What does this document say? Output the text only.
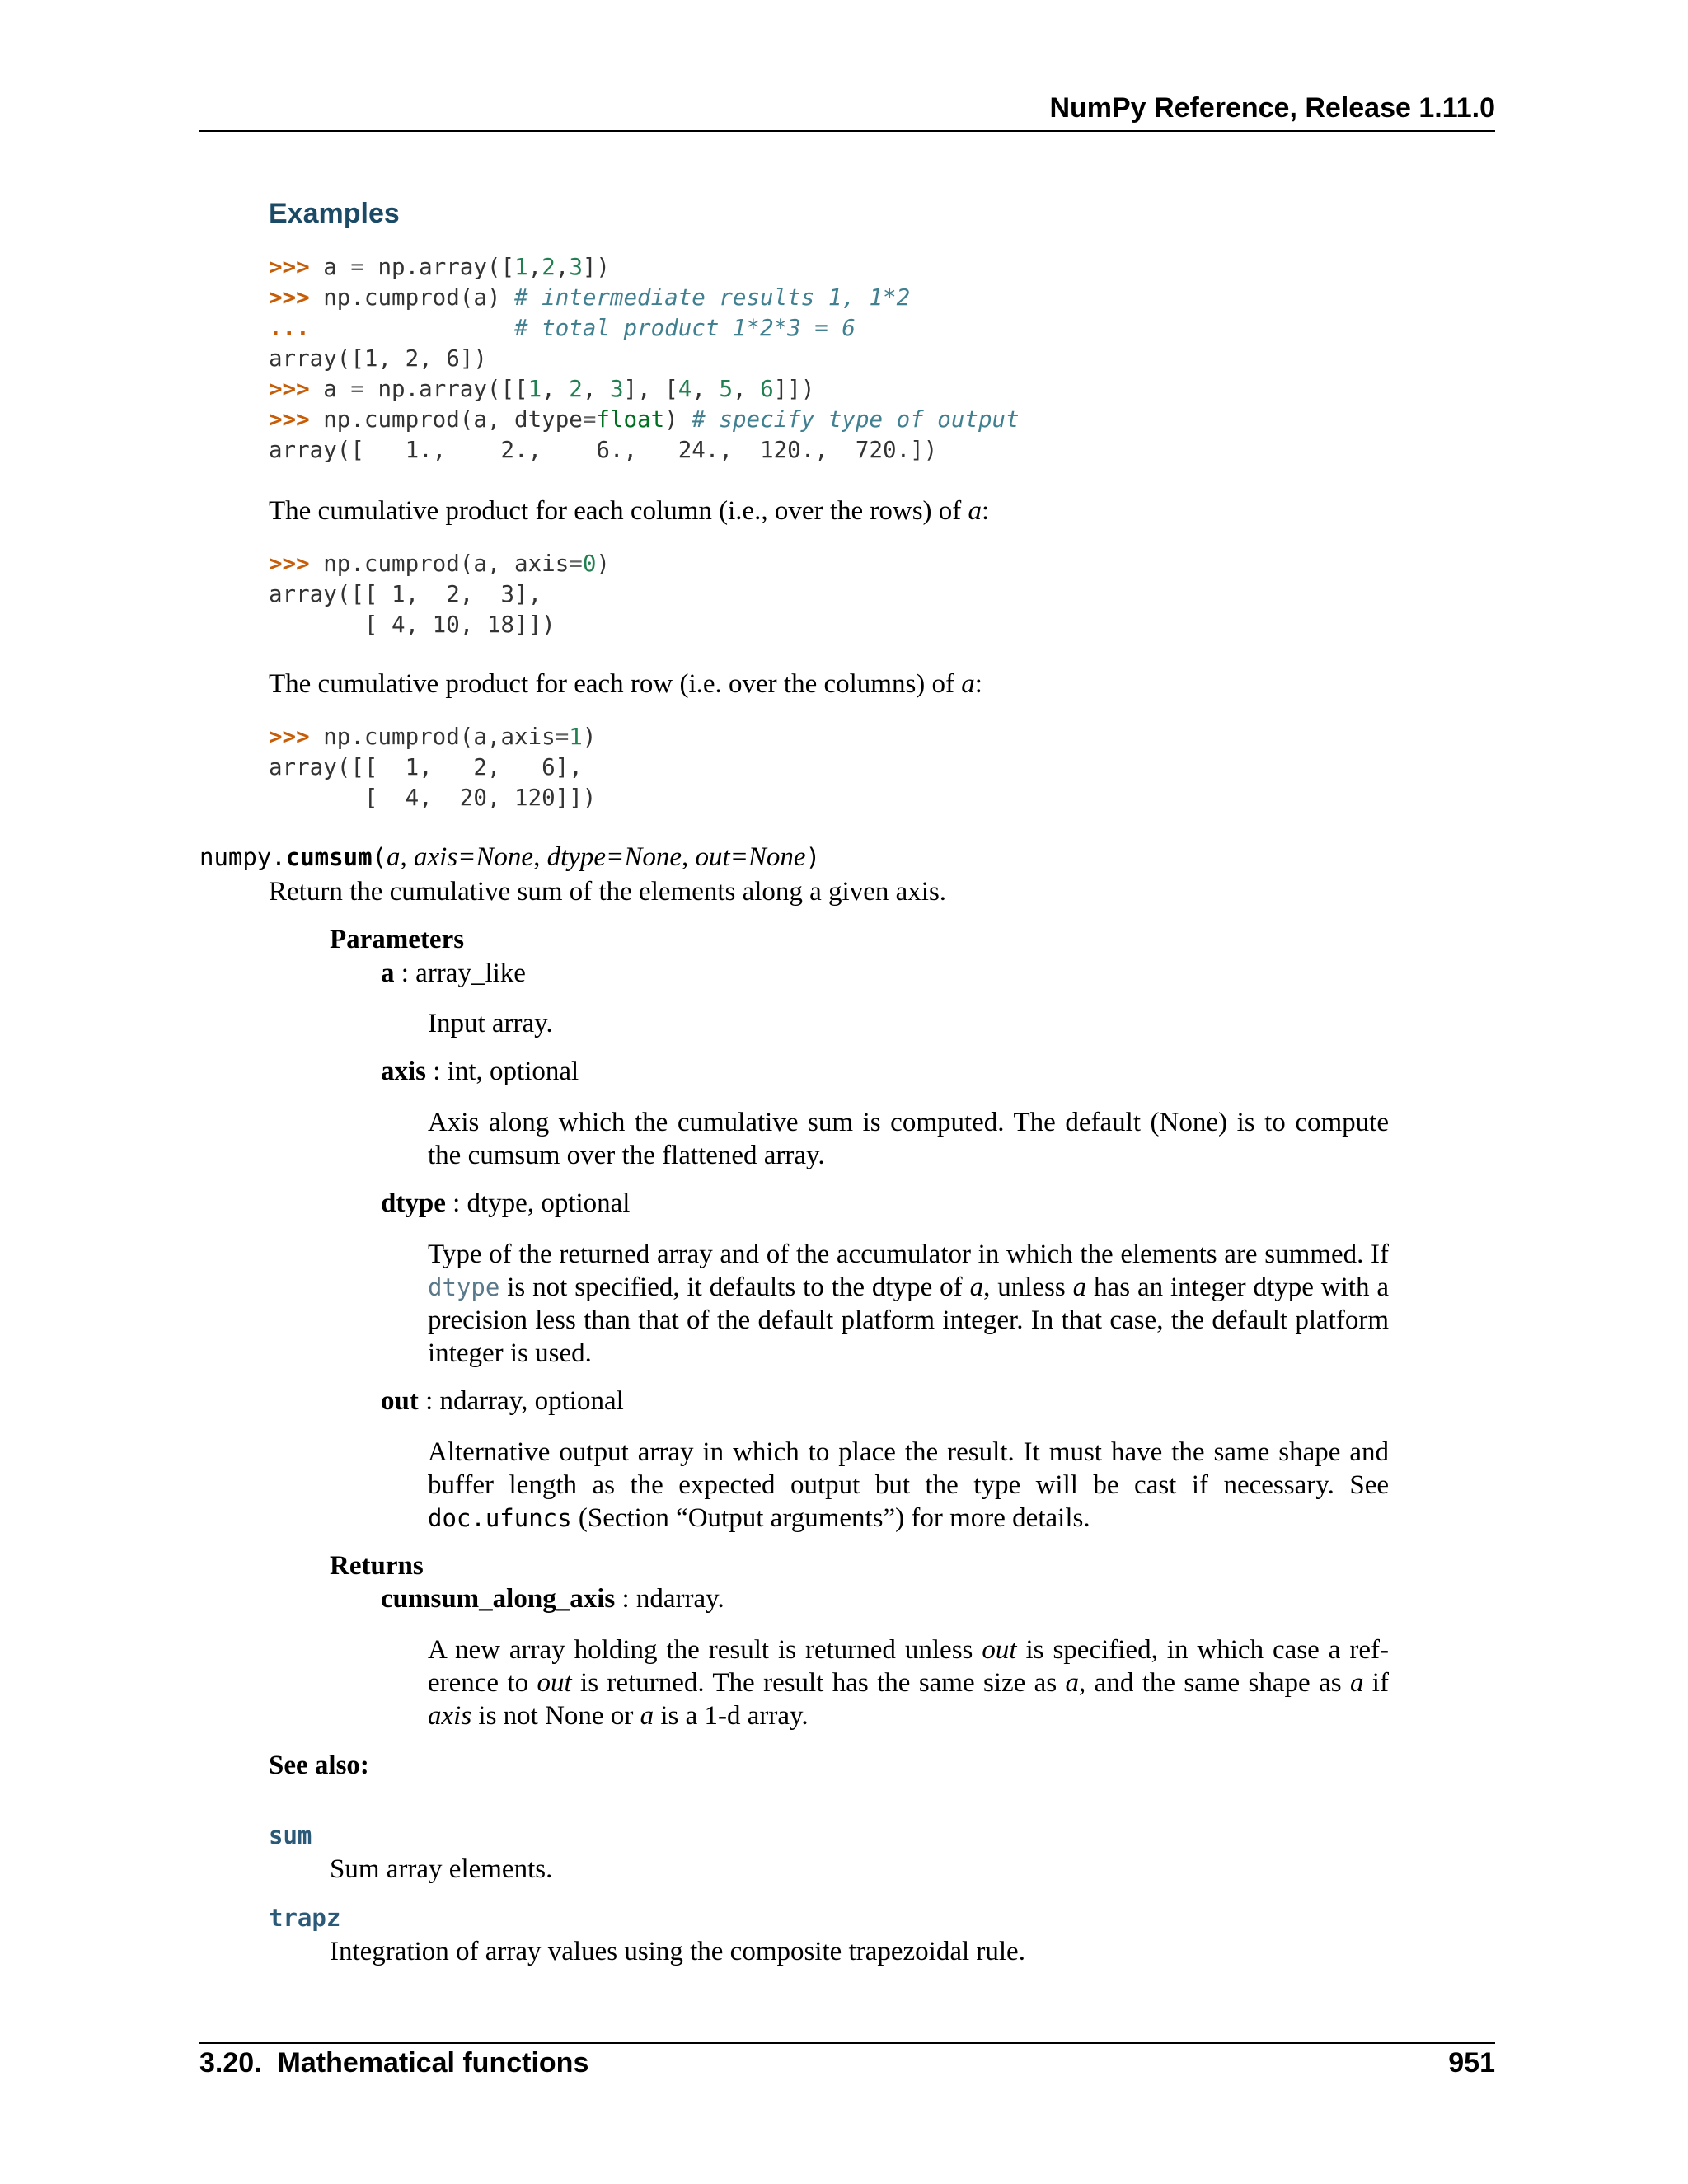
NumPy Reference, Release 1.11.0
Examples
>>> a = np.array([1,2,3])
>>> np.cumprod(a) # intermediate results 1, 1*2
...	# total product 1*2*3 = 6
array([1, 2, 6])
>>> a = np.array([[1, 2, 3], [4, 5, 6]])
>>> np.cumprod(a, dtype=float) # specify type of output
array([   1.,    2.,    6.,   24.,  120.,  720.])

The cumulative product for each column (i.e., over the rows) of a:

>>> np.cumprod(a, axis=0)
array([[ 1,  2,  3],
[ 4, 10, 18]])

The cumulative product for each row (i.e. over the columns) of a:

>>> np.cumprod(a,axis=1)
array([[  1,   2,   6],
[  4,  20, 120]])
numpy.cumsum(a, axis=None, dtype=None, out=None)

Return the cumulative sum of the elements along a given axis.

Parameters
a : array_like

Input array.

axis : int, optional

Axis along which the cumulative sum is computed. The default (None) is to compute the cumsum over the flattened array.

dtype : dtype, optional

Type of the returned array and of the accumulator in which the elements are summed. If dtype is not specified, it defaults to the dtype of a, unless a has an integer dtype with a precision less than that of the default platform integer. In that case, the default platform integer is used.

out : ndarray, optional

Alternative output array in which to place the result. It must have the same shape and buffer length as the expected output but the type will be cast if necessary. See doc.ufuncs (Section “Output arguments”) for more details.

Returns
cumsum_along_axis : ndarray.

A new array holding the result is returned unless out is specified, in which case a ref-erence to out is returned. The result has the same size as a, and the same shape as a if axis is not None or a is a 1-d array.

See also:
sum
Sum array elements.
trapz
Integration of array values using the composite trapezoidal rule.
3.20.  Mathematical functions	951
